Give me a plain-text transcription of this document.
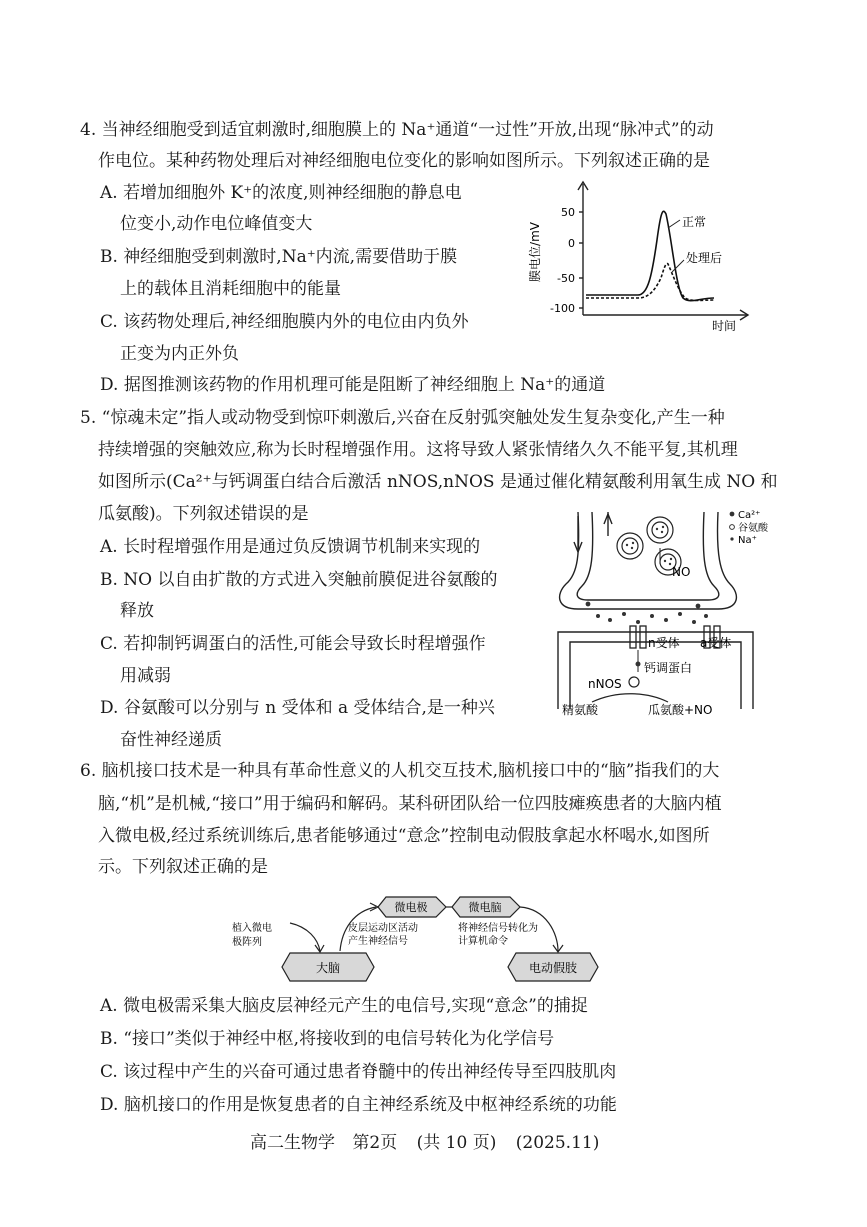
4. 当神经细胞受到适宜刺激时,细胞膜上的 Na⁺通道“一过性”开放,出现“脉冲式”的动
作电位。某种药物处理后对神经细胞电位变化的影响如图所示。下列叙述正确的是
A. 若增加细胞外 K⁺的浓度,则神经细胞的静息电
位变小,动作电位峰值变大
B. 神经细胞受到刺激时,Na⁺内流,需要借助于膜
上的载体且消耗细胞中的能量
C. 该药物处理后,神经细胞膜内外的电位由内负外
正变为内正外负
D. 据图推测该药物的作用机理可能是阻断了神经细胞上 Na⁺的通道
膜电位/mV
50
0
-50
-100
正常
处理后
时间
5. “惊魂未定”指人或动物受到惊吓刺激后,兴奋在反射弧突触处发生复杂变化,产生一种
持续增强的突触效应,称为长时程增强作用。这将导致人紧张情绪久久不能平复,其机理
如图所示(Ca²⁺与钙调蛋白结合后激活 nNOS,nNOS 是通过催化精氨酸利用氧生成 NO 和
瓜氨酸)。下列叙述错误的是
A. 长时程增强作用是通过负反馈调节机制来实现的
B. NO 以自由扩散的方式进入突触前膜促进谷氨酸的
释放
C. 若抑制钙调蛋白的活性,可能会导致长时程增强作
用减弱
D. 谷氨酸可以分别与 n 受体和 a 受体结合,是一种兴
奋性神经递质
NO
n受体 a受体
钙调蛋白
nNOS
精氨酸	瓜氨酸+NO
Ca²⁺
谷氨酸
Na⁺
6. 脑机接口技术是一种具有革命性意义的人机交互技术,脑机接口中的“脑”指我们的大
脑,“机”是机械,“接口”用于编码和解码。某科研团队给一位四肢瘫痪患者的大脑内植
入微电极,经过系统训练后,患者能够通过“意念”控制电动假肢拿起水杯喝水,如图所
示。下列叙述正确的是
微电极	微电脑
大脑	电动假肢
植入微电
极阵列
皮层运动区活动
产生神经信号
将神经信号转化为
计算机命令
A. 微电极需采集大脑皮层神经元产生的电信号,实现“意念”的捕捉
B. “接口”类似于神经中枢,将接收到的电信号转化为化学信号
C. 该过程中产生的兴奋可通过患者脊髓中的传出神经传导至四肢肌肉
D. 脑机接口的作用是恢复患者的自主神经系统及中枢神经系统的功能
高二生物学 第2页 (共 10 页) (2025.11)
